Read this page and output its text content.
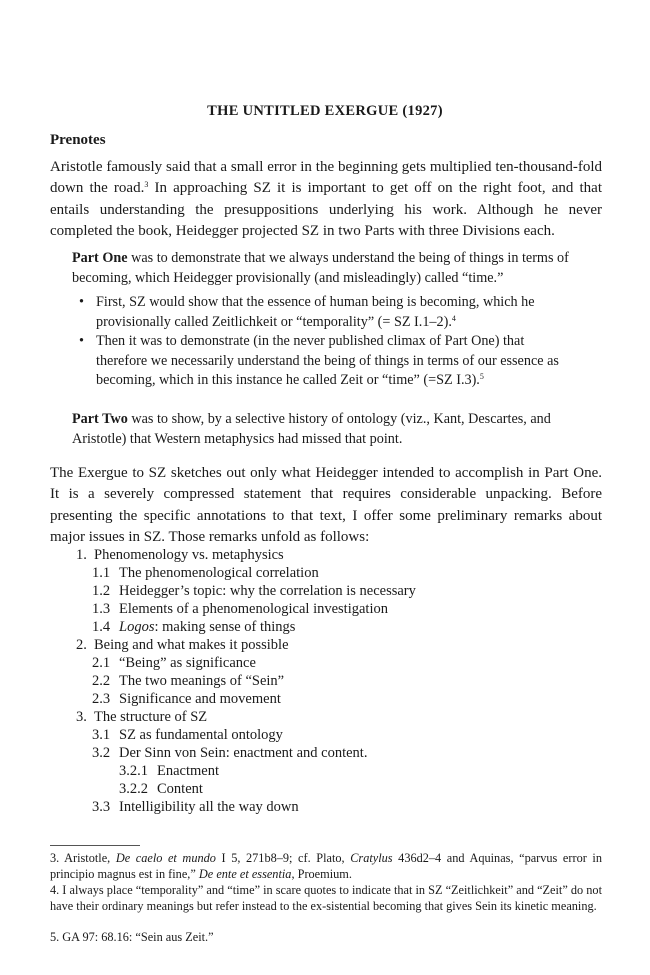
THE UNTITLED EXERGUE (1927)
Prenotes

Aristotle famously said that a small error in the beginning gets multiplied ten-thousand-fold down the road.$^3$ In approaching SZ it is important to get off on the right foot, and that entails understanding the presuppositions underlying his work. Although he never completed the book, Heidegger projected SZ in two Parts with three Divisions each.

Part One was to demonstrate that we always understand the being of things in terms of becoming, which Heidegger provisionally (and misleadingly) called “time.”

• First, SZ would show that the essence of human being is becoming, which he provisionally called Zeitlichkeit or “temporality” (= SZ I.1–2).$^4$
• Then it was to demonstrate (in the never published climax of Part One) that therefore we necessarily understand the being of things in terms of our essence as becoming, which in this instance he called Zeit or “time” (=SZ I.3).$^5$

Part Two was to show, by a selective history of ontology (viz., Kant, Descartes, and Aristotle) that Western metaphysics had missed that point.

The Exergue to SZ sketches out only what Heidegger intended to accomplish in Part One. It is a severely compressed statement that requires considerable unpacking. Before presenting the specific annotations to that text, I offer some preliminary remarks about major issues in SZ. Those remarks unfold as follows:

1. Phenomenology vs. metaphysics
1.1 The phenomenological correlation
1.2 Heidegger’s topic: why the correlation is necessary
1.3 Elements of a phenomenological investigation
1.4 Logos: making sense of things
2. Being and what makes it possible
2.1 “Being” as significance
2.2 The two meanings of “Sein”
2.3 Significance and movement
3. The structure of SZ
3.1 SZ as fundamental ontology
3.2 Der Sinn von Sein: enactment and content.
3.2.1 Enactment
3.2.2 Content
3.3 Intelligibility all the way down

3. Aristotle, De caelo et mundo I 5, 271b8–9; cf. Plato, Cratylus 436d2–4 and Aquinas, “parvus error in principio magnus est in fine,” De ente et essentia, Proemium.

4. I always place “temporality” and “time” in scare quotes to indicate that in SZ “Zeitlichkeit” and “Zeit” do not have their ordinary meanings but refer instead to the ex-sistential becoming that gives Sein its kinetic meaning.

5. GA 97: 68.16: “Sein aus Zeit.”
